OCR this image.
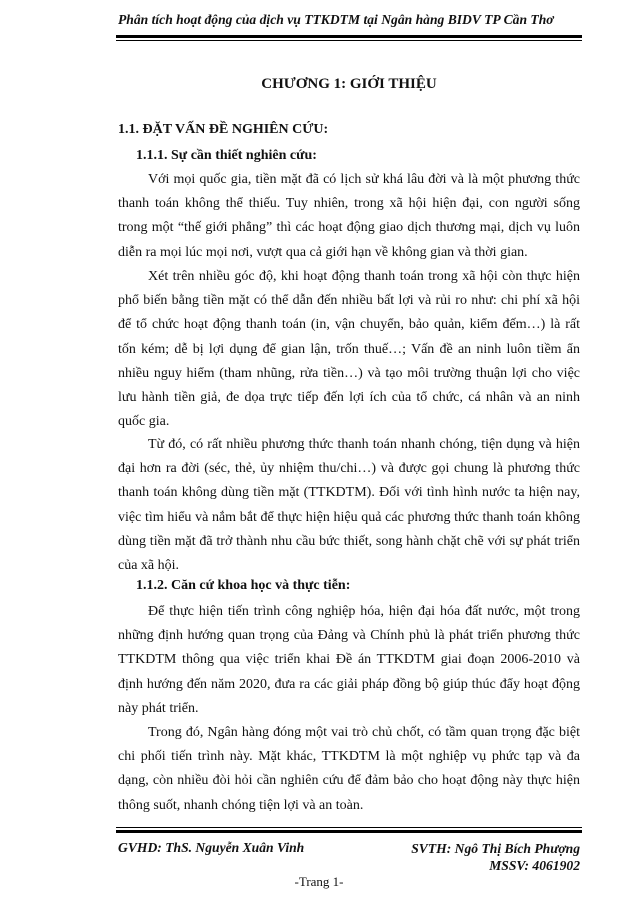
Phân tích hoạt động của dịch vụ TTKDTM tại Ngân hàng BIDV TP Cần Thơ
CHƯƠNG 1: GIỚI THIỆU
1.1. ĐẶT VẤN ĐỀ NGHIÊN CỨU:
1.1.1. Sự cần thiết nghiên cứu:

Với mọi quốc gia, tiền mặt đã có lịch sử khá lâu đời và là một phương thức thanh toán không thể thiếu. Tuy nhiên, trong xã hội hiện đại, con người sống trong một “thế giới phẳng” thì các hoạt động giao dịch thương mại, dịch vụ luôn diễn ra mọi lúc mọi nơi, vượt qua cả giới hạn về không gian và thời gian.

Xét trên nhiều góc độ, khi hoạt động thanh toán trong xã hội còn thực hiện phổ biến bằng tiền mặt có thể dẫn đến nhiều bất lợi và rủi ro như: chi phí xã hội để tổ chức hoạt động thanh toán (in, vận chuyển, bảo quản, kiểm đếm…) là rất tốn kém; dễ bị lợi dụng để gian lận, trốn thuế…; Vấn đề an ninh luôn tiềm ẩn nhiều nguy hiểm (tham nhũng, rửa tiền…) và tạo môi trường thuận lợi cho việc lưu hành tiền giả, đe dọa trực tiếp đến lợi ích của tổ chức, cá nhân và an ninh quốc gia.

Từ đó, có rất nhiều phương thức thanh toán nhanh chóng, tiện dụng và hiện đại hơn ra đời (séc, thẻ, ủy nhiệm thu/chi…) và được gọi chung là phương thức thanh toán không dùng tiền mặt (TTKDTM). Đối với tình hình nước ta hiện nay, việc tìm hiểu và nắm bắt để thực hiện hiệu quả các phương thức thanh toán không dùng tiền mặt đã trở thành nhu cầu bức thiết, song hành chặt chẽ với sự phát triển của xã hội.

1.1.2. Căn cứ khoa học và thực tiễn:

Để thực hiện tiến trình công nghiệp hóa, hiện đại hóa đất nước, một trong những định hướng quan trọng của Đảng và Chính phủ là phát triển phương thức TTKDTM thông qua việc triển khai Đề án TTKDTM giai đoạn 2006-2010 và định hướng đến năm 2020, đưa ra các giải pháp đồng bộ giúp thúc đẩy hoạt động này phát triển.

Trong đó, Ngân hàng đóng một vai trò chủ chốt, có tầm quan trọng đặc biệt chi phối tiến trình này. Mặt khác, TTKDTM là một nghiệp vụ phức tạp và đa dạng, còn nhiều đòi hỏi cần nghiên cứu để đảm bảo cho hoạt động này thực hiện thông suốt, nhanh chóng tiện lợi và an toàn.

GVHD: ThS. Nguyễn Xuân Vinh	SVTH: Ngô Thị Bích Phượng
MSSV: 4061902
-Trang 1-
